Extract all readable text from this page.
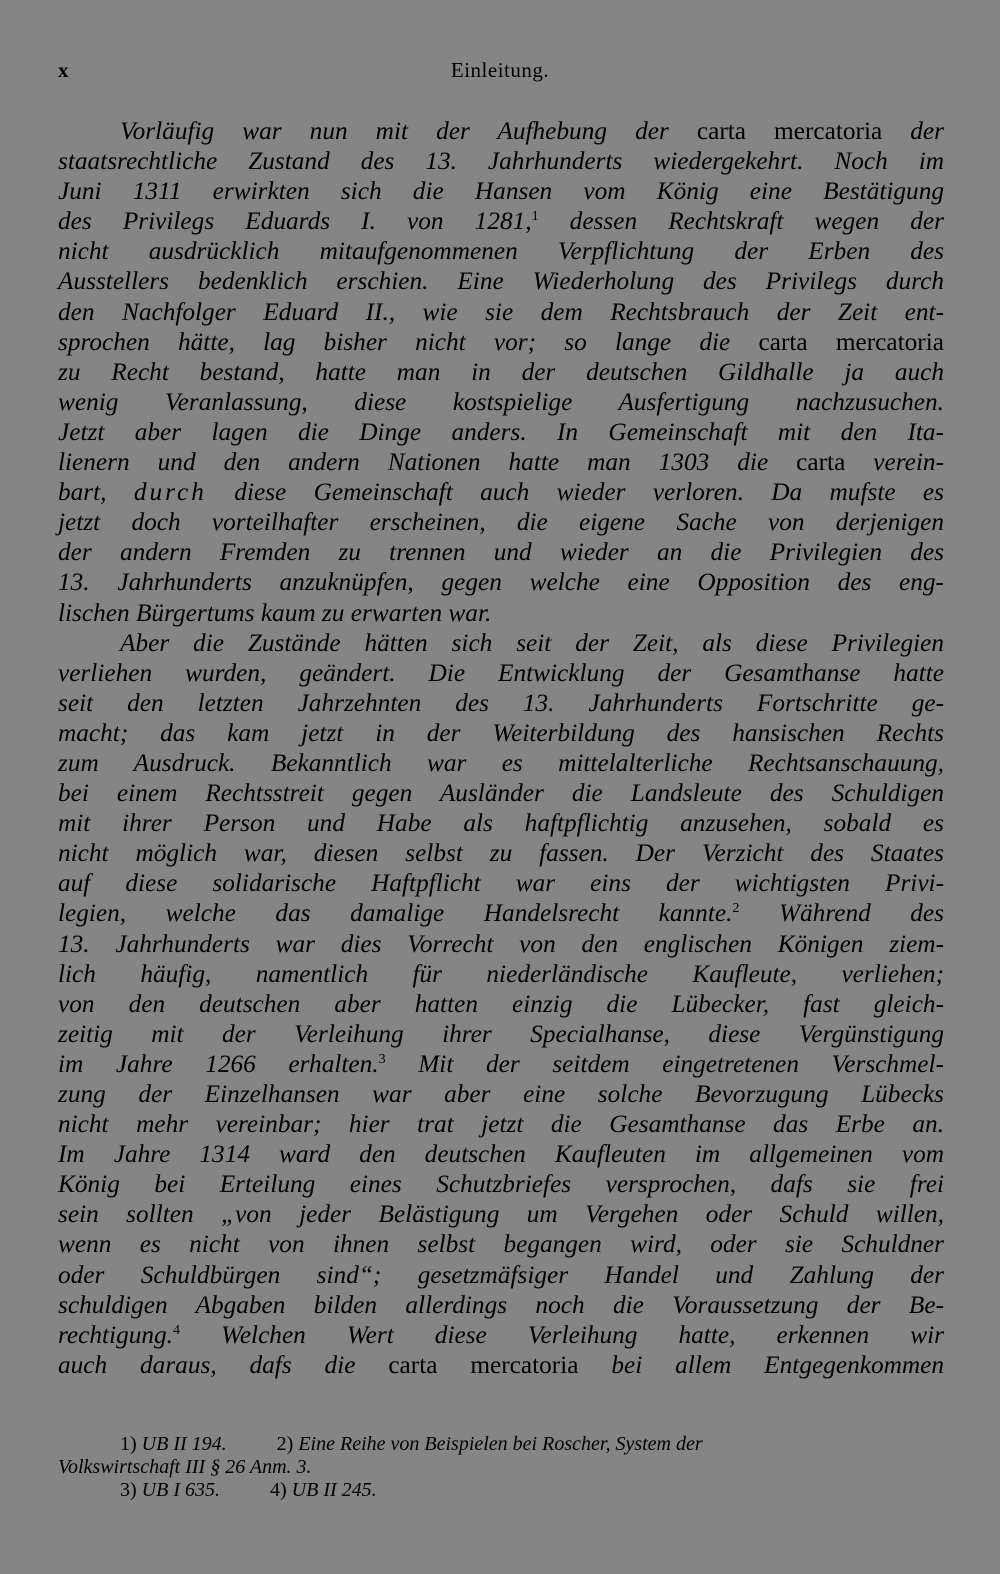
x	Einleitung.
Vorläufig war nun mit der Aufhebung der carta mercatoria der
staatsrechtliche Zustand des 13. Jahrhunderts wiedergekehrt. Noch im
Juni 1311 erwirkten sich die Hansen vom König eine Bestätigung
des Privilegs Eduards I. von 1281,$^1$ dessen Rechtskraft wegen der
nicht ausdrücklich mitaufgenommenen Verpflichtung der Erben des
Ausstellers bedenklich erschien. Eine Wiederholung des Privilegs durch
den Nachfolger Eduard II., wie sie dem Rechtsbrauch der Zeit ent-
sprochen hätte, lag bisher nicht vor; so lange die carta mercatoria
zu Recht bestand, hatte man in der deutschen Gildhalle ja auch
wenig Veranlassung, diese kostspielige Ausfertigung nachzusuchen.
Jetzt aber lagen die Dinge anders. In Gemeinschaft mit den Ita-
lienern und den andern Nationen hatte man 1303 die carta verein-
bart, durch diese Gemeinschaft auch wieder verloren. Da mufste es
jetzt doch vorteilhafter erscheinen, die eigene Sache von derjenigen
der andern Fremden zu trennen und wieder an die Privilegien des
13. Jahrhunderts anzuknüpfen, gegen welche eine Opposition des eng-
lischen Bürgertums kaum zu erwarten war.
Aber die Zustände hätten sich seit der Zeit, als diese Privilegien
verliehen wurden, geändert. Die Entwicklung der Gesamthanse hatte
seit den letzten Jahrzehnten des 13. Jahrhunderts Fortschritte ge-
macht; das kam jetzt in der Weiterbildung des hansischen Rechts
zum Ausdruck. Bekanntlich war es mittelalterliche Rechtsanschauung,
bei einem Rechtsstreit gegen Ausländer die Landsleute des Schuldigen
mit ihrer Person und Habe als haftpflichtig anzusehen, sobald es
nicht möglich war, diesen selbst zu fassen. Der Verzicht des Staates
auf diese solidarische Haftpflicht war eins der wichtigsten Privi-
legien, welche das damalige Handelsrecht kannte.$^2$ Während des
13. Jahrhunderts war dies Vorrecht von den englischen Königen ziem-
lich häufig, namentlich für niederländische Kaufleute, verliehen;
von den deutschen aber hatten einzig die Lübecker, fast gleich-
zeitig mit der Verleihung ihrer Specialhanse, diese Vergünstigung
im Jahre 1266 erhalten.$^3$ Mit der seitdem eingetretenen Verschmel-
zung der Einzelhansen war aber eine solche Bevorzugung Lübecks
nicht mehr vereinbar; hier trat jetzt die Gesamthanse das Erbe an.
Im Jahre 1314 ward den deutschen Kaufleuten im allgemeinen vom
König bei Erteilung eines Schutzbriefes versprochen, dafs sie frei
sein sollten „von jeder Belästigung um Vergehen oder Schuld willen,
wenn es nicht von ihnen selbst begangen wird, oder sie Schuldner
oder Schuldbürgen sind“; gesetzmäfsiger Handel und Zahlung der
schuldigen Abgaben bilden allerdings noch die Voraussetzung der Be-
rechtigung.$^4$ Welchen Wert diese Verleihung hatte, erkennen wir
auch daraus, dafs die carta mercatoria bei allem Entgegenkommen
1) UB II 194.	2) Eine Reihe von Beispielen bei Roscher, System der
Volkswirtschaft III § 26 Anm. 3.
3) UB I 635.	4) UB II 245.
